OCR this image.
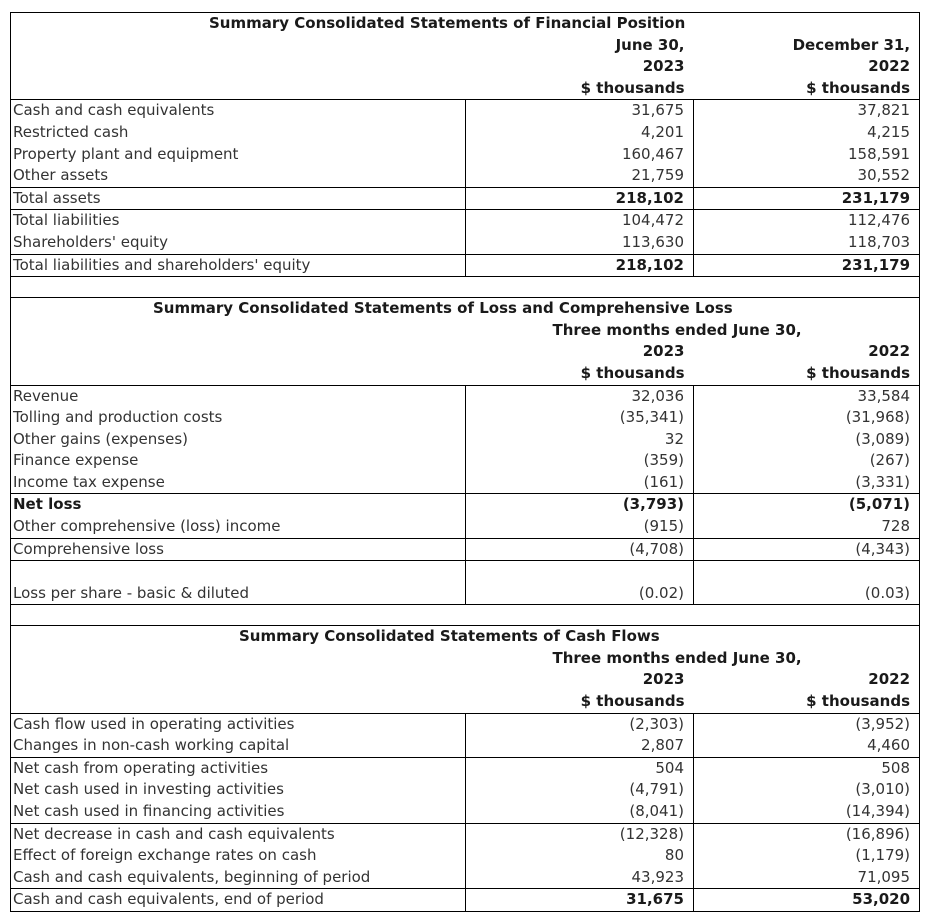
Summary Consolidated Statements of Financial Position		
	June 30,	December 31,
	2023	2022
	$ thousands	$ thousands
Cash and cash equivalents	31,675	37,821
Restricted cash	4,201	4,215
Property plant and equipment	160,467	158,591
Other assets	21,759	30,552
Total assets	218,102	231,179
Total liabilities	104,472	112,476
Shareholders' equity	113,630	118,703
Total liabilities and shareholders' equity	218,102	231,179

Summary Consolidated Statements of Loss and Comprehensive Loss		
	Three months ended June 30,	
	2023	2022
	$ thousands	$ thousands
Revenue	32,036	33,584
Tolling and production costs	(35,341)	(31,968)
Other gains (expenses)	32	(3,089)
Finance expense	(359)	(267)
Income tax expense	(161)	(3,331)
Net loss	(3,793)	(5,071)
Other comprehensive (loss) income	(915)	728
Comprehensive loss	(4,708)	(4,343)
Loss per share - basic & diluted	(0.02)	(0.03)

Summary Consolidated Statements of Cash Flows		
	Three months ended June 30,	
	2023	2022
	$ thousands	$ thousands
Cash flow used in operating activities	(2,303)	(3,952)
Changes in non-cash working capital	2,807	4,460
Net cash from operating activities	504	508
Net cash used in investing activities	(4,791)	(3,010)
Net cash used in financing activities	(8,041)	(14,394)
Net decrease in cash and cash equivalents	(12,328)	(16,896)
Effect of foreign exchange rates on cash	80	(1,179)
Cash and cash equivalents, beginning of period	43,923	71,095
Cash and cash equivalents, end of period	31,675	53,020
